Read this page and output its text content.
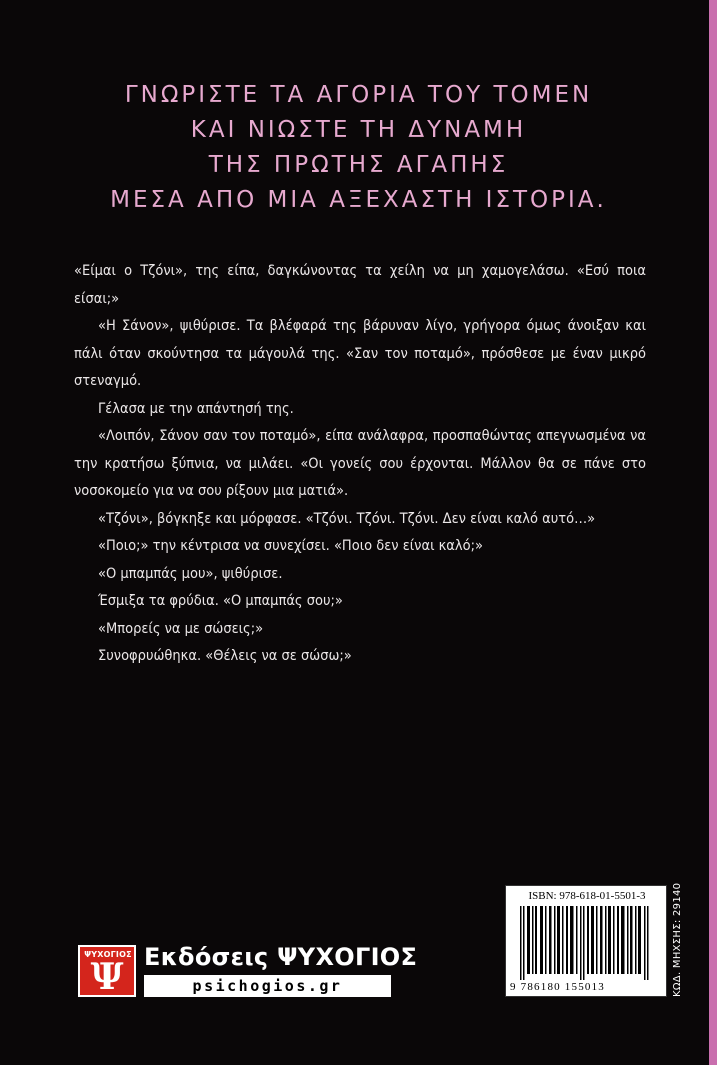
ΓΝΩΡΙΣΤΕ ΤΑ ΑΓΟΡΙΑ ΤΟΥ ΤΟΜΕΝ
ΚΑΙ ΝΙΩΣΤΕ ΤΗ ΔΥΝΑΜΗ
ΤΗΣ ΠΡΩΤΗΣ ΑΓΑΠΗΣ
ΜΕΣΑ ΑΠΟ ΜΙΑ ΑΞΕΧΑΣΤΗ ΙΣΤΟΡΙΑ.

«Είμαι ο Τζόνι», της είπα, δαγκώνοντας τα χείλη να μη χαμογελάσω. «Εσύ ποια είσαι;»

«Η Σάνον», ψιθύρισε. Τα βλέφαρά της βάρυναν λίγο, γρήγορα όμως άνοιξαν και πάλι όταν σκούντησα τα μάγουλά της. «Σαν τον ποταμό», πρόσθεσε με έναν μικρό στεναγμό.

Γέλασα με την απάντησή της.

«Λοιπόν, Σάνον σαν τον ποταμό», είπα ανάλαφρα, προσπαθώντας απεγνωσμένα να την κρατήσω ξύπνια, να μιλάει. «Οι γονείς σου έρχονται. Μάλλον θα σε πάνε στο νοσοκομείο για να σου ρίξουν μια ματιά».

«Τζόνι», βόγκηξε και μόρφασε. «Τζόνι. Τζόνι. Τζόνι. Δεν είναι καλό αυτό…»

«Ποιο;» την κέντρισα να συνεχίσει. «Ποιο δεν είναι καλό;»

«Ο μπαμπάς μου», ψιθύρισε.

Έσμιξα τα φρύδια. «Ο μπαμπάς σου;»

«Μπορείς να με σώσεις;»

Συνοφρυώθηκα. «Θέλεις να σε σώσω;»

ΨΥΧΟΓΙΟΣ
Ψ Εκδόσεις ΨΥΧΟΓΙΟΣ
psichogios.gr
ISBN: 978-618-01-5501-3
9 786180 155013	ΚΩΔ. ΜΗΧΣΗΣ: 29140
